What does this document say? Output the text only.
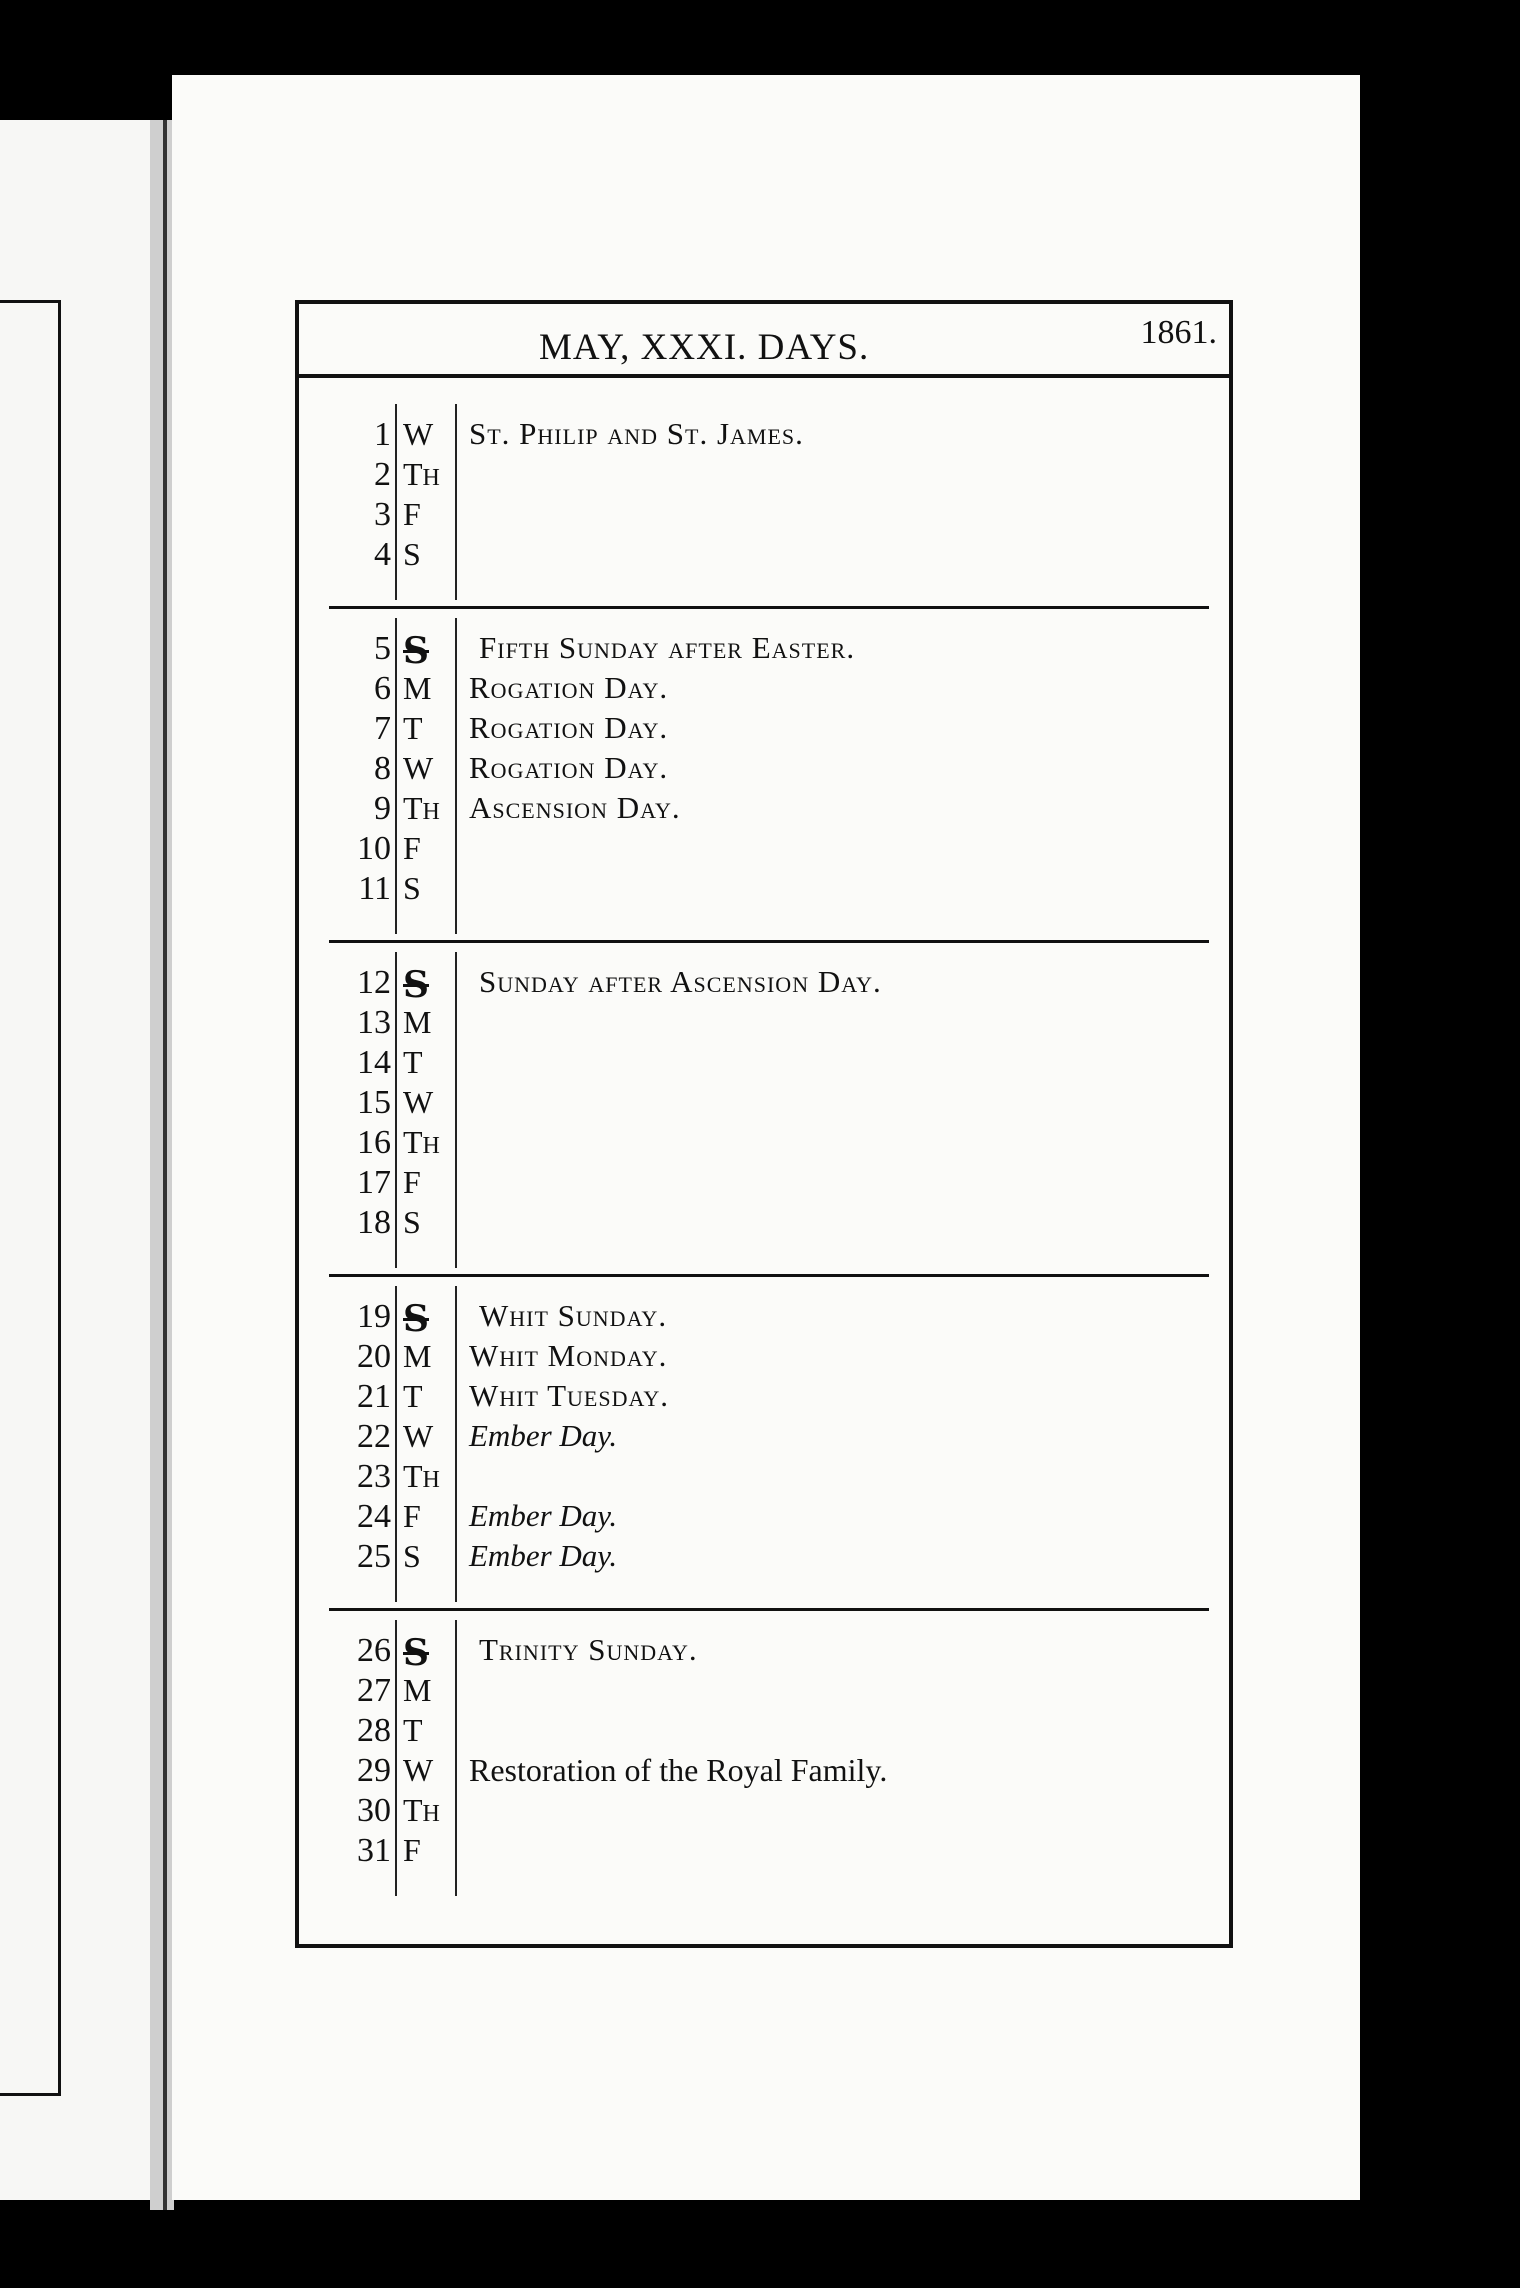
MAY, XXXI. DAYS.	1861.
1 W St. Philip and St. James.
2 TH
3 F
4 S
5 S Fifth Sunday after Easter.
6 M Rogation Day.
7 T Rogation Day.
8 W Rogation Day.
9 TH Ascension Day.
10 F
11 S
12 S Sunday after Ascension Day.
13 M
14 T
15 W
16 TH
17 F
18 S
19 S Whit Sunday.
20 M Whit Monday.
21 T Whit Tuesday.
22 W Ember Day.
23 TH
24 F Ember Day.
25 S Ember Day.
26 S Trinity Sunday.
27 M
28 T
29 W Restoration of the Royal Family.
30 TH
31 F
